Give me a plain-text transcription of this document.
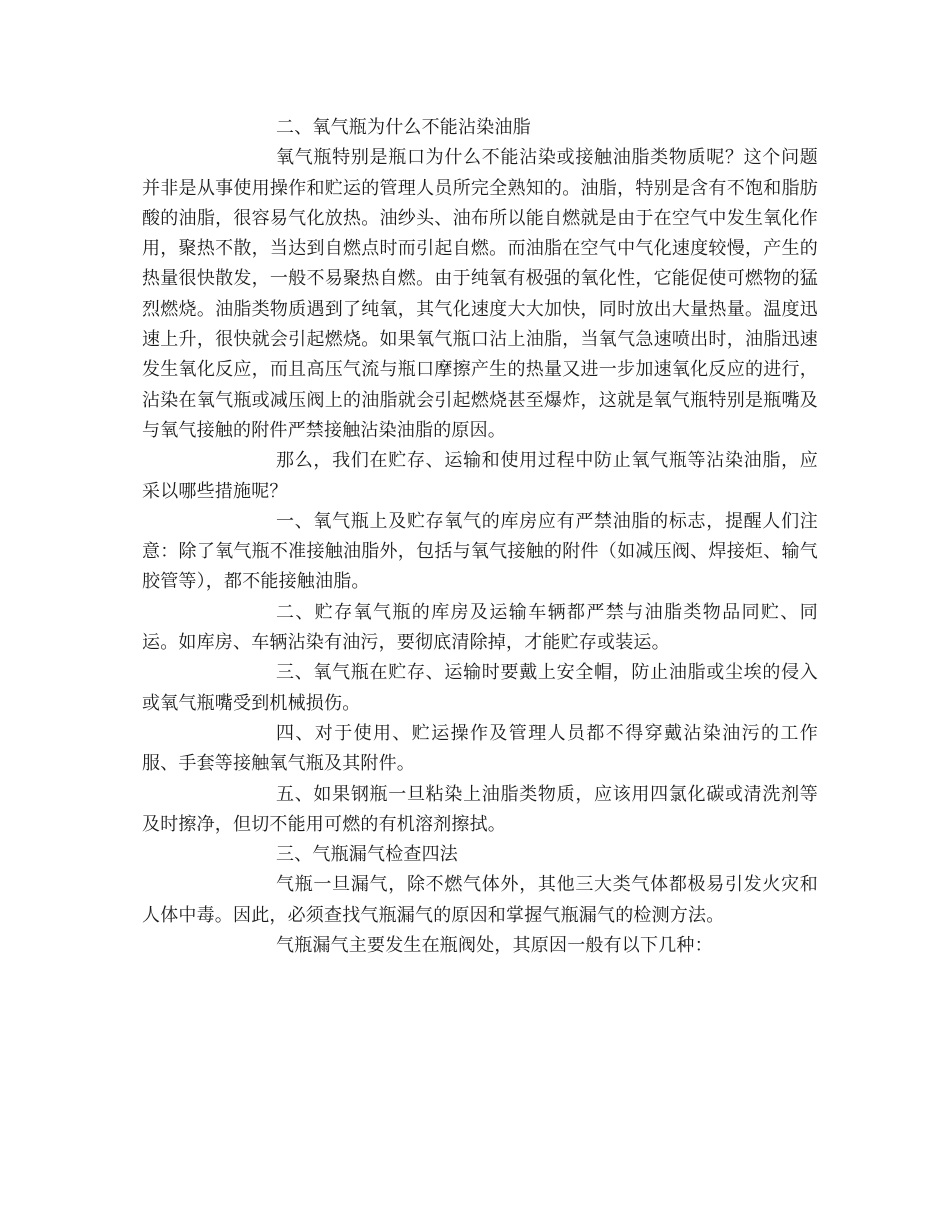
二、氧气瓶为什么不能沾染油脂

氧气瓶特别是瓶口为什么不能沾染或接触油脂类物质呢？这个问题并非是从事使用操作和贮运的管理人员所完全熟知的。油脂，特别是含有不饱和脂肪酸的油脂，很容易气化放热。油纱头、油布所以能自燃就是由于在空气中发生氧化作用，聚热不散，当达到自燃点时而引起自燃。而油脂在空气中气化速度较慢，产生的热量很快散发，一般不易聚热自燃。由于纯氧有极强的氧化性，它能促使可燃物的猛烈燃烧。油脂类物质遇到了纯氧，其气化速度大大加快，同时放出大量热量。温度迅速上升，很快就会引起燃烧。如果氧气瓶口沾上油脂，当氧气急速喷出时，油脂迅速发生氧化反应，而且高压气流与瓶口摩擦产生的热量又进一步加速氧化反应的进行，沾染在氧气瓶或减压阀上的油脂就会引起燃烧甚至爆炸，这就是氧气瓶特别是瓶嘴及与氧气接触的附件严禁接触沾染油脂的原因。

那么，我们在贮存、运输和使用过程中防止氧气瓶等沾染油脂，应采以哪些措施呢？

一、氧气瓶上及贮存氧气的库房应有严禁油脂的标志，提醒人们注意：除了氧气瓶不准接触油脂外，包括与氧气接触的附件（如减压阀、焊接炬、输气胶管等），都不能接触油脂。

二、贮存氧气瓶的库房及运输车辆都严禁与油脂类物品同贮、同运。如库房、车辆沾染有油污，要彻底清除掉，才能贮存或装运。

三、氧气瓶在贮存、运输时要戴上安全帽，防止油脂或尘埃的侵入或氧气瓶嘴受到机械损伤。

四、对于使用、贮运操作及管理人员都不得穿戴沾染油污的工作服、手套等接触氧气瓶及其附件。

五、如果钢瓶一旦粘染上油脂类物质，应该用四氯化碳或清洗剂等及时擦净，但切不能用可燃的有机溶剂擦拭。

三、气瓶漏气检查四法

气瓶一旦漏气，除不燃气体外，其他三大类气体都极易引发火灾和人体中毒。因此，必须查找气瓶漏气的原因和掌握气瓶漏气的检测方法。

气瓶漏气主要发生在瓶阀处，其原因一般有以下几种：
